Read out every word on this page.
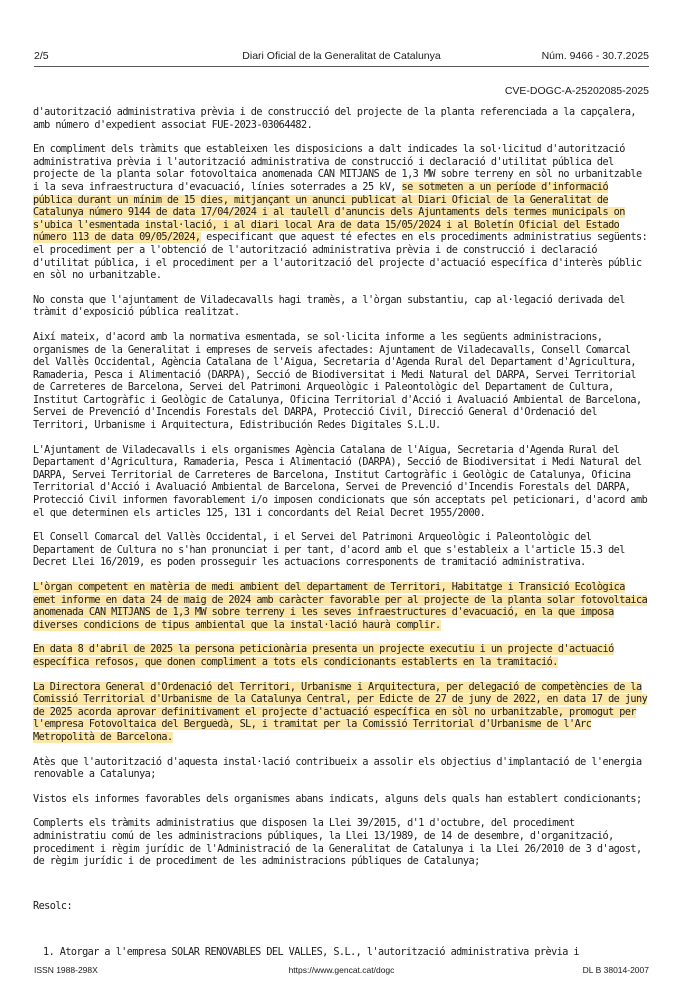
2/5	Diari Oficial de la Generalitat de Catalunya	Núm. 9466 - 30.7.2025
CVE-DOGC-A-25202085-2025

d'autorització administrativa prèvia i de construcció del projecte de la planta referenciada a la capçalera, amb número d'expedient associat FUE-2023-03064482.

En compliment dels tràmits que estableixen les disposicions a dalt indicades la sol·licitud d'autorització administrativa prèvia i l'autorització administrativa de construcció i declaració d'utilitat pública del projecte de la planta solar fotovoltaica anomenada CAN MITJANS de 1,3 MW sobre terreny en sòl no urbanitzable i la seva infraestructura d'evacuació, línies soterrades a 25 kV, se sotmeten a un període d'informació pública durant un mínim de 15 dies, mitjançant un anunci publicat al Diari Oficial de la Generalitat de Catalunya número 9144 de data 17/04/2024 i al taulell d'anuncis dels Ajuntaments dels termes municipals on s'ubica l'esmentada instal·lació, i al diari local Ara de data 15/05/2024 i al Boletín Oficial del Estado número 113 de data 09/05/2024, especificant que aquest té efectes en els procediments administratius següents: el procediment per a l'obtenció de l'autorització administrativa prèvia i de construcció i declaració d'utilitat pública, i el procediment per a l'autorització del projecte d'actuació específica d'interès públic en sòl no urbanitzable.

No consta que l'ajuntament de Viladecavalls hagi tramès, a l'òrgan substantiu, cap al·legació derivada del tràmit d'exposició pública realitzat.

Així mateix, d'acord amb la normativa esmentada, se sol·licita informe a les següents administracions, organismes de la Generalitat i empreses de serveis afectades: Ajuntament de Viladecavalls, Consell Comarcal del Vallès Occidental, Agència Catalana de l'Aigua, Secretaria d'Agenda Rural del Departament d'Agricultura, Ramaderia, Pesca i Alimentació (DARPA), Secció de Biodiversitat i Medi Natural del DARPA, Servei Territorial de Carreteres de Barcelona, Servei del Patrimoni Arqueològic i Paleontològic del Departament de Cultura, Institut Cartogràfic i Geològic de Catalunya, Oficina Territorial d'Acció i Avaluació Ambiental de Barcelona, Servei de Prevenció d'Incendis Forestals del DARPA, Protecció Civil, Direcció General d'Ordenació del Territori, Urbanisme i Arquitectura, Edistribución Redes Digitales S.L.U.

L'Ajuntament de Viladecavalls i els organismes Agència Catalana de l'Aigua, Secretaria d'Agenda Rural del Departament d'Agricultura, Ramaderia, Pesca i Alimentació (DARPA), Secció de Biodiversitat i Medi Natural del DARPA, Servei Territorial de Carreteres de Barcelona, Institut Cartogràfic i Geològic de Catalunya, Oficina Territorial d'Acció i Avaluació Ambiental de Barcelona, Servei de Prevenció d'Incendis Forestals del DARPA, Protecció Civil informen favorablement i/o imposen condicionats que són acceptats pel peticionari, d'acord amb el que determinen els articles 125, 131 i concordants del Reial Decret 1955/2000.

El Consell Comarcal del Vallès Occidental, i el Servei del Patrimoni Arqueològic i Paleontològic del Departament de Cultura no s'han pronunciat i per tant, d'acord amb el que s'estableix a l'article 15.3 del Decret Llei 16/2019, es poden prosseguir les actuacions corresponents de tramitació administrativa.

L'òrgan competent en matèria de medi ambient del departament de Territori, Habitatge i Transició Ecològica emet informe en data 24 de maig de 2024 amb caràcter favorable per al projecte de la planta solar fotovoltaica anomenada CAN MITJANS de 1,3 MW sobre terreny i les seves infraestructures d'evacuació, en la que imposa diverses condicions de tipus ambiental que la instal·lació haurà complir.

En data 8 d'abril de 2025 la persona peticionària presenta un projecte executiu i un projecte d'actuació específica refosos, que donen compliment a tots els condicionants establerts en la tramitació.

La Directora General d'Ordenació del Territori, Urbanisme i Arquitectura, per delegació de competències de la Comissió Territorial d'Urbanisme de la Catalunya Central, per Edicte de 27 de juny de 2022, en data 17 de juny de 2025 acorda aprovar definitivament el projecte d'actuació específica en sòl no urbanitzable, promogut per l'empresa Fotovoltaica del Berguedà, SL, i tramitat per la Comissió Territorial d'Urbanisme de l'Arc Metropolità de Barcelona.

Atès que l'autorització d'aquesta instal·lació contribueix a assolir els objectius d'implantació de l'energia renovable a Catalunya;

Vistos els informes favorables dels organismes abans indicats, alguns dels quals han establert condicionants;

Complerts els tràmits administratius que disposen la Llei 39/2015, d'1 d'octubre, del procediment administratiu comú de les administracions públiques, la Llei 13/1989, de 14 de desembre, d'organització, procediment i règim jurídic de l'Administració de la Generalitat de Catalunya i la Llei 26/2010 de 3 d'agost, de règim jurídic i de procediment de les administracions públiques de Catalunya;

Resolc:

1. Atorgar a l'empresa SOLAR RENOVABLES DEL VALLES, S.L., l'autorització administrativa prèvia i

ISSN 1988-298X	https://www.gencat.cat/dogc	DL B 38014-2007
